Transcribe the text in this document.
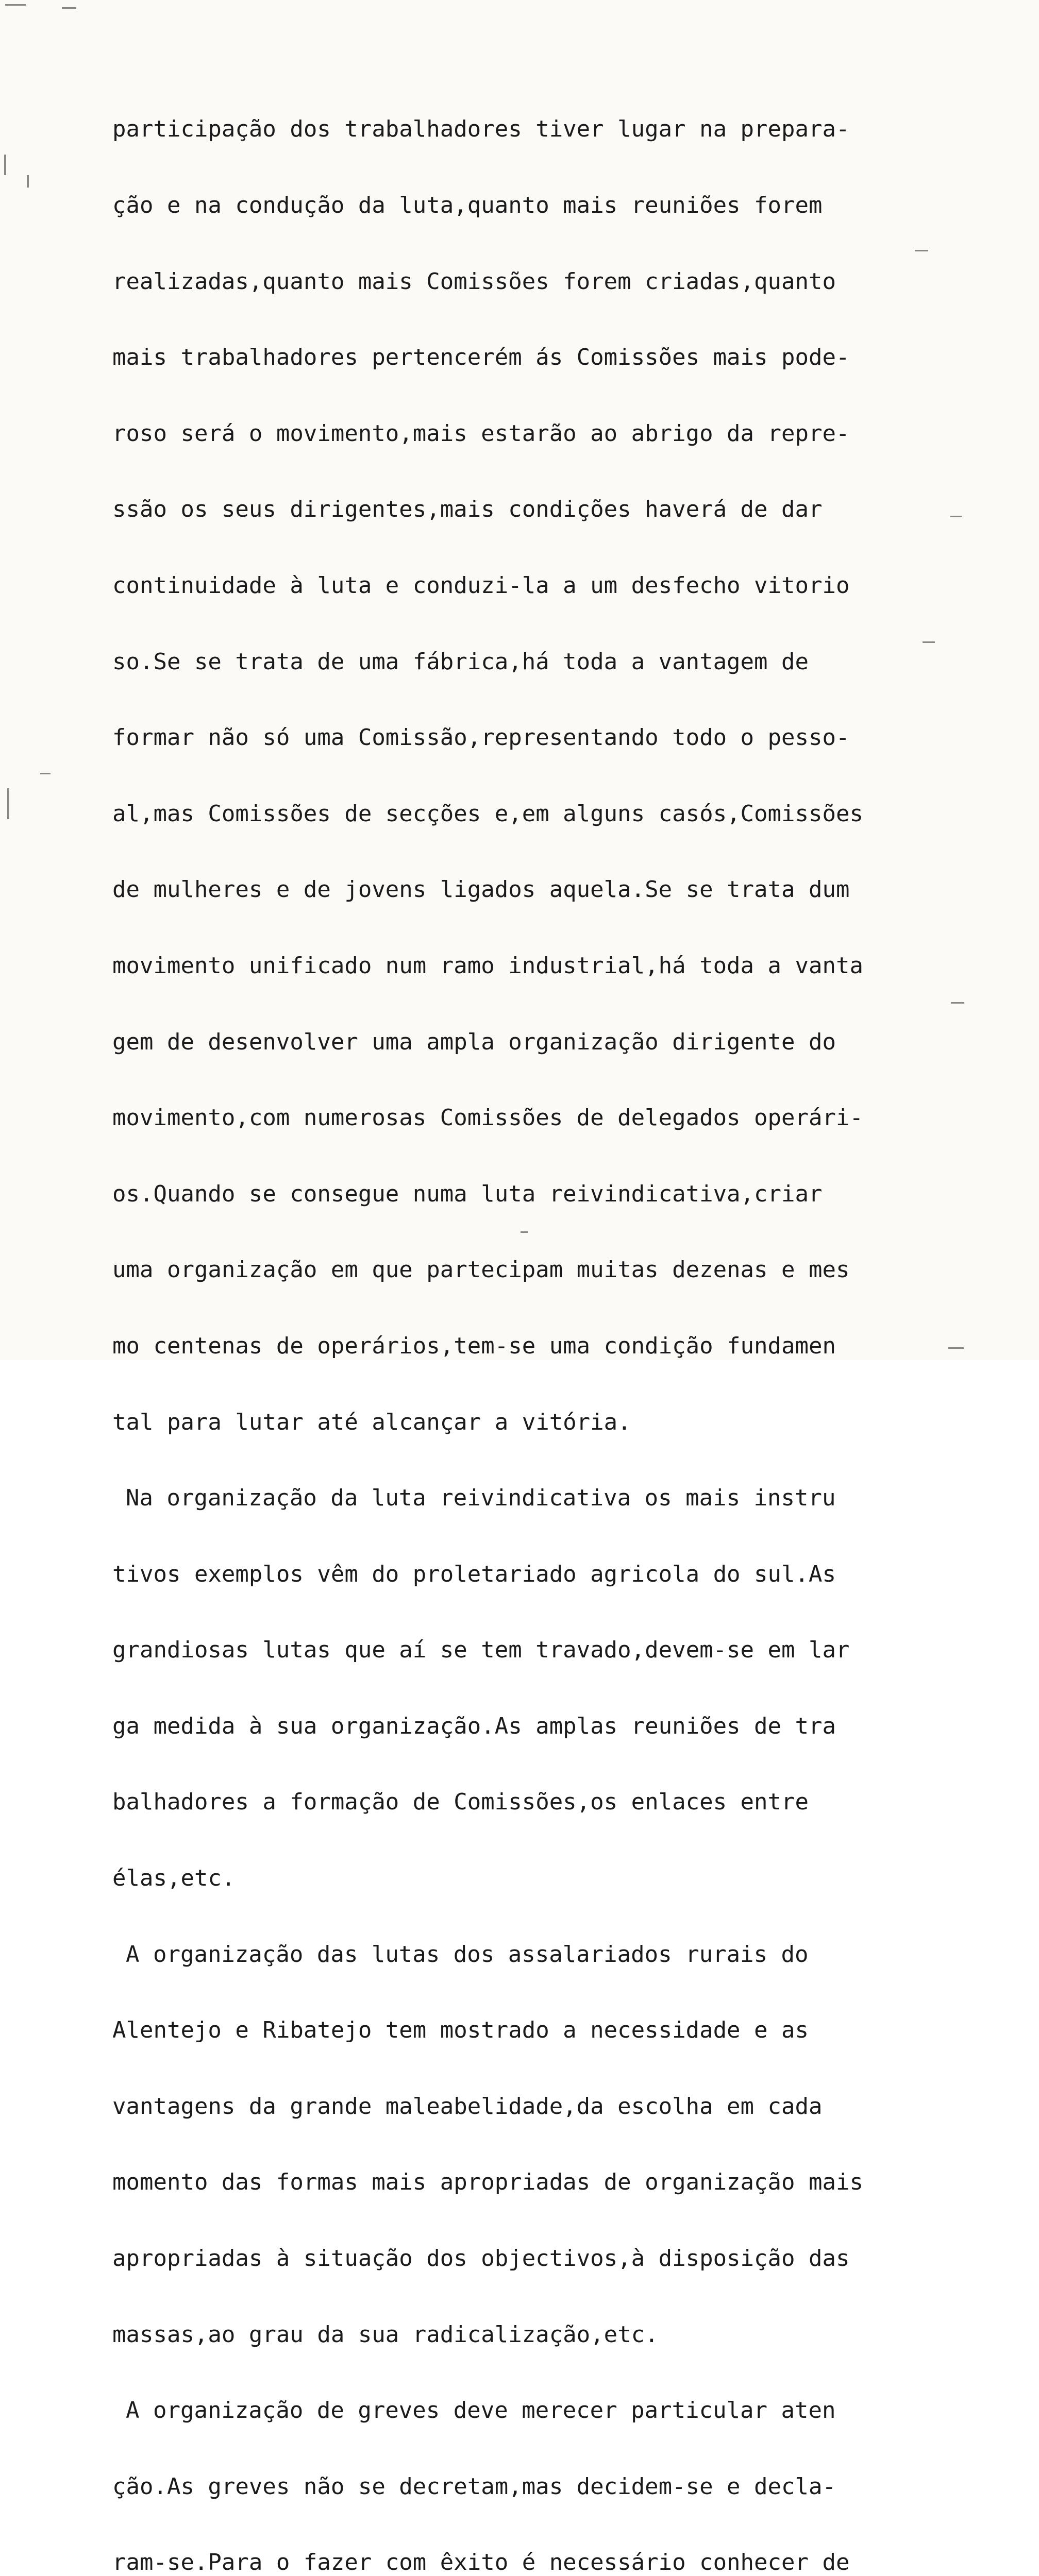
participação dos trabalhadores tiver lugar na prepara-

ção e na condução da luta,quanto mais reuniões forem

realizadas,quanto mais Comissões forem criadas,quanto

mais trabalhadores pertencerém ás Comissões mais pode-

roso será o movimento,mais estarão ao abrigo da repre-

ssão os seus dirigentes,mais condições haverá de dar

continuidade à luta e conduzi-la a um desfecho vitorio

so.Se se trata de uma fábrica,há toda a vantagem de

formar não só uma Comissão,representando todo o pesso-

al,mas Comissões de secções e,em alguns casós,Comissões

de mulheres e de jovens ligados aquela.Se se trata dum

movimento unificado num ramo industrial,há toda a vanta

gem de desenvolver uma ampla organização dirigente do

movimento,com numerosas Comissões de delegados operári-

os.Quando se consegue numa luta reivindicativa,criar

uma organização em que partecipam muitas dezenas e mes

mo centenas de operários,tem-se uma condição fundamen

tal para lutar até alcançar a vitória.

Na organização da luta reivindicativa os mais instru

tivos exemplos vêm do proletariado agricola do sul.As

grandiosas lutas que aí se tem travado,devem-se em lar

ga medida à sua organização.As amplas reuniões de tra

balhadores a formação de Comissões,os enlaces entre

élas,etc.

A organização das lutas dos assalariados rurais do

Alentejo e Ribatejo tem mostrado a necessidade e as

vantagens da grande maleabelidade,da escolha em cada

momento das formas mais apropriadas de organização mais

apropriadas à situação dos objectivos,à disposição das

massas,ao grau da sua radicalização,etc.

A organização de greves deve merecer particular aten

ção.As greves não se decretam,mas decidem-se e decla-

ram-se.Para o fazer com êxito é necessário conhecer de
